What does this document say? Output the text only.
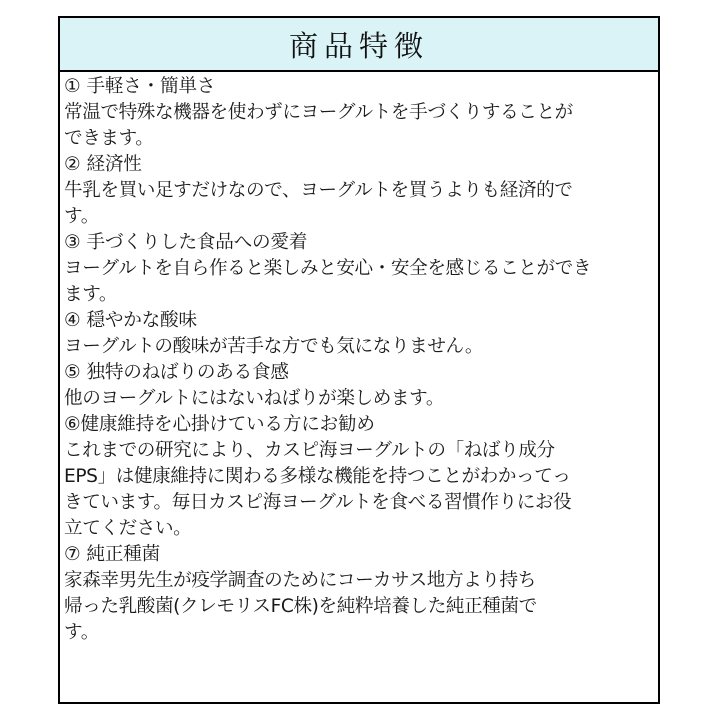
商品特徴
① 手軽さ・簡単さ
常温で特殊な機器を使わずにヨーグルトを手づくりすることが
できます。
② 経済性
牛乳を買い足すだけなので、ヨーグルトを買うよりも経済的で
す。
③ 手づくりした食品への愛着
ヨーグルトを自ら作ると楽しみと安心・安全を感じることができ
ます。
④ 穏やかな酸味
ヨーグルトの酸味が苦手な方でも気になりません。
⑤ 独特のねばりのある食感
他のヨーグルトにはないねばりが楽しめます。
⑥健康維持を心掛けている方にお勧め
これまでの研究により、カスピ海ヨーグルトの「ねばり成分
EPS」は健康維持に関わる多様な機能を持つことがわかってっ
きています。毎日カスピ海ヨーグルトを食べる習慣作りにお役
立てください。
⑦ 純正種菌
家森幸男先生が疫学調査のためにコーカサス地方より持ち
帰った乳酸菌(クレモリスFC株)を純粋培養した純正種菌で
す。
